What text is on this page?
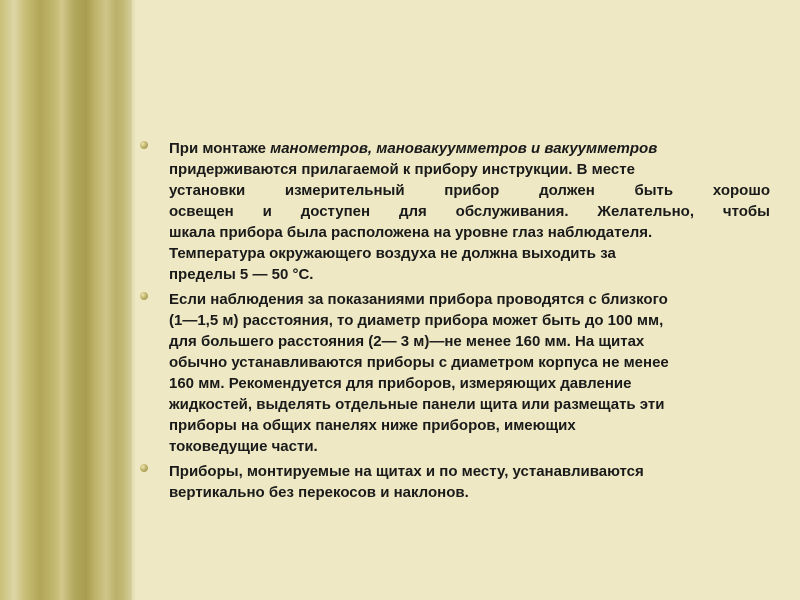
При монтаже манометров, мановакуумметров и вакуумметров
придерживаются прилагаемой к прибору инструкции. В месте
установки измерительный прибор должен быть хорошо
освещен и доступен для обслуживания. Желательно, чтобы
шкала прибора была расположена на уровне глаз наблюдателя.
Температура окружающего воздуха не должна выходить за
пределы 5 — 50 °С.
Если наблюдения за показаниями прибора проводятся с близкого
(1—1,5 м) расстояния, то диаметр прибора может быть до 100 мм,
для большего расстояния (2— 3 м)—не менее 160 мм. На щитах
обычно устанавливаются приборы с диаметром корпуса не менее
160 мм. Рекомендуется для приборов, измеряющих давление
жидкостей, выделять отдельные панели щита или размещать эти
приборы на общих панелях ниже приборов, имеющих
токоведущие части.
Приборы, монтируемые на щитах и по месту, устанавливаются
вертикально без перекосов и наклонов.
